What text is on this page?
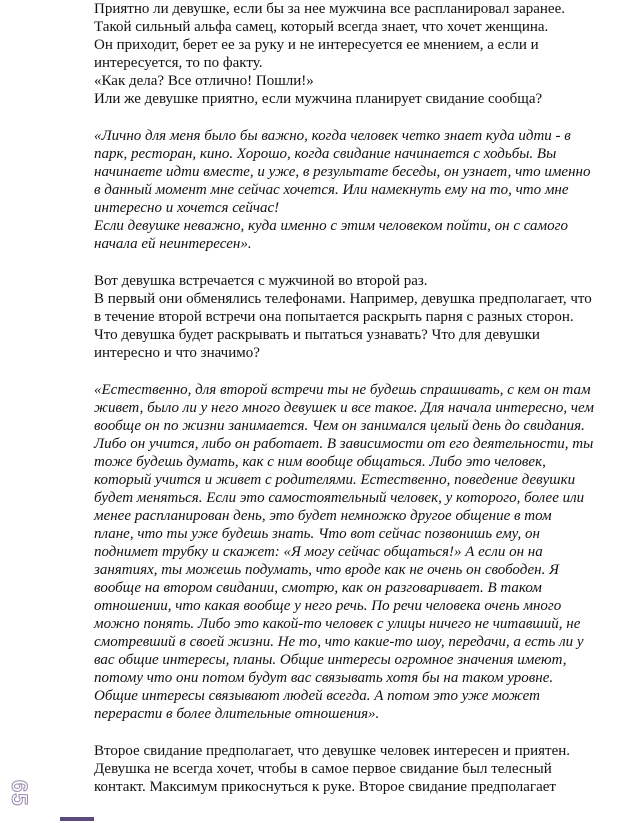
Приятно ли девушке, если бы за нее мужчина все распланировал заранее.
Такой сильный альфа самец, который всегда знает, что хочет женщина.
Он приходит, берет ее за руку и не интересуется ее мнением, а если и
интересуется, то по факту.
«Как дела? Все отлично! Пошли!»
Или же девушке приятно, если мужчина планирует свидание сообща?
«Лично для меня было бы важно, когда человек четко знает куда идти - в
парк, ресторан, кино. Хорошо, когда свидание начинается с ходьбы. Вы
начинаете идти вместе, и уже, в результате беседы, он узнает, что именно
в данный момент мне сейчас хочется. Или намекнуть ему на то, что мне
интересно и хочется сейчас!
Если девушке неважно, куда именно с этим человеком пойти, он с самого
начала ей неинтересен».
Вот девушка встречается с мужчиной во второй раз.
В первый они обменялись телефонами. Например, девушка предполагает, что
в течение второй встречи она попытается раскрыть парня с разных сторон.
Что девушка будет раскрывать и пытаться узнавать? Что для девушки
интересно и что значимо?
«Естественно, для второй встречи ты не будешь спрашивать, с кем он там
живет, было ли у него много девушек и все такое. Для начала интересно, чем
вообще он по жизни занимается. Чем он занимался целый день до свидания.
Либо он учится, либо он работает. В зависимости от его деятельности, ты
тоже будешь думать, как с ним вообще общаться. Либо это человек,
который учится и живет с родителями. Естественно, поведение девушки
будет меняться. Если это самостоятельный человек, у которого, более или
менее распланирован день, это будет немножко другое общение в том
плане, что ты уже будешь знать. Что вот сейчас позвонишь ему, он
поднимет трубку и скажет: «Я могу сейчас общаться!» А если он на
занятиях, ты можешь подумать, что вроде как не очень он свободен. Я
вообще на втором свидании, смотрю, как он разговаривает. В таком
отношении, что какая вообще у него речь. По речи человека очень много
можно понять. Либо это какой-то человек с улицы ничего не читавший, не
смотревший в своей жизни. Не то, что какие-то шоу, передачи, а есть ли у
вас общие интересы, планы. Общие интересы огромное значения имеют,
потому что они потом будут вас связывать хотя бы на таком уровне.
Общие интересы связывают людей всегда. А потом это уже может
перерасти в более длительные отношения».
Второе свидание предполагает, что девушке человек интересен и приятен.
Девушка не всегда хочет, чтобы в самое первое свидание был телесный
контакт. Максимум прикоснуться к руке. Второе свидание предполагает
65
